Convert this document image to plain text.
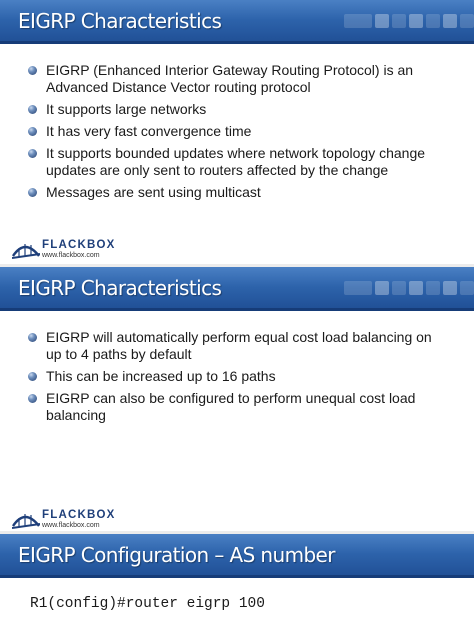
EIGRP Characteristics
EIGRP (Enhanced Interior Gateway Routing Protocol) is an Advanced Distance Vector routing protocol
It supports large networks
It has very fast convergence time
It supports bounded updates where network topology change updates are only sent to routers affected by the change
Messages are sent using multicast
FLACKBOX
www.flackbox.com
EIGRP Characteristics
EIGRP will automatically perform equal cost load balancing on up to 4 paths by default
This can be increased up to 16 paths
EIGRP can also be configured to perform unequal cost load balancing
FLACKBOX
www.flackbox.com
EIGRP Configuration – AS number
R1(config)#router eigrp 100
